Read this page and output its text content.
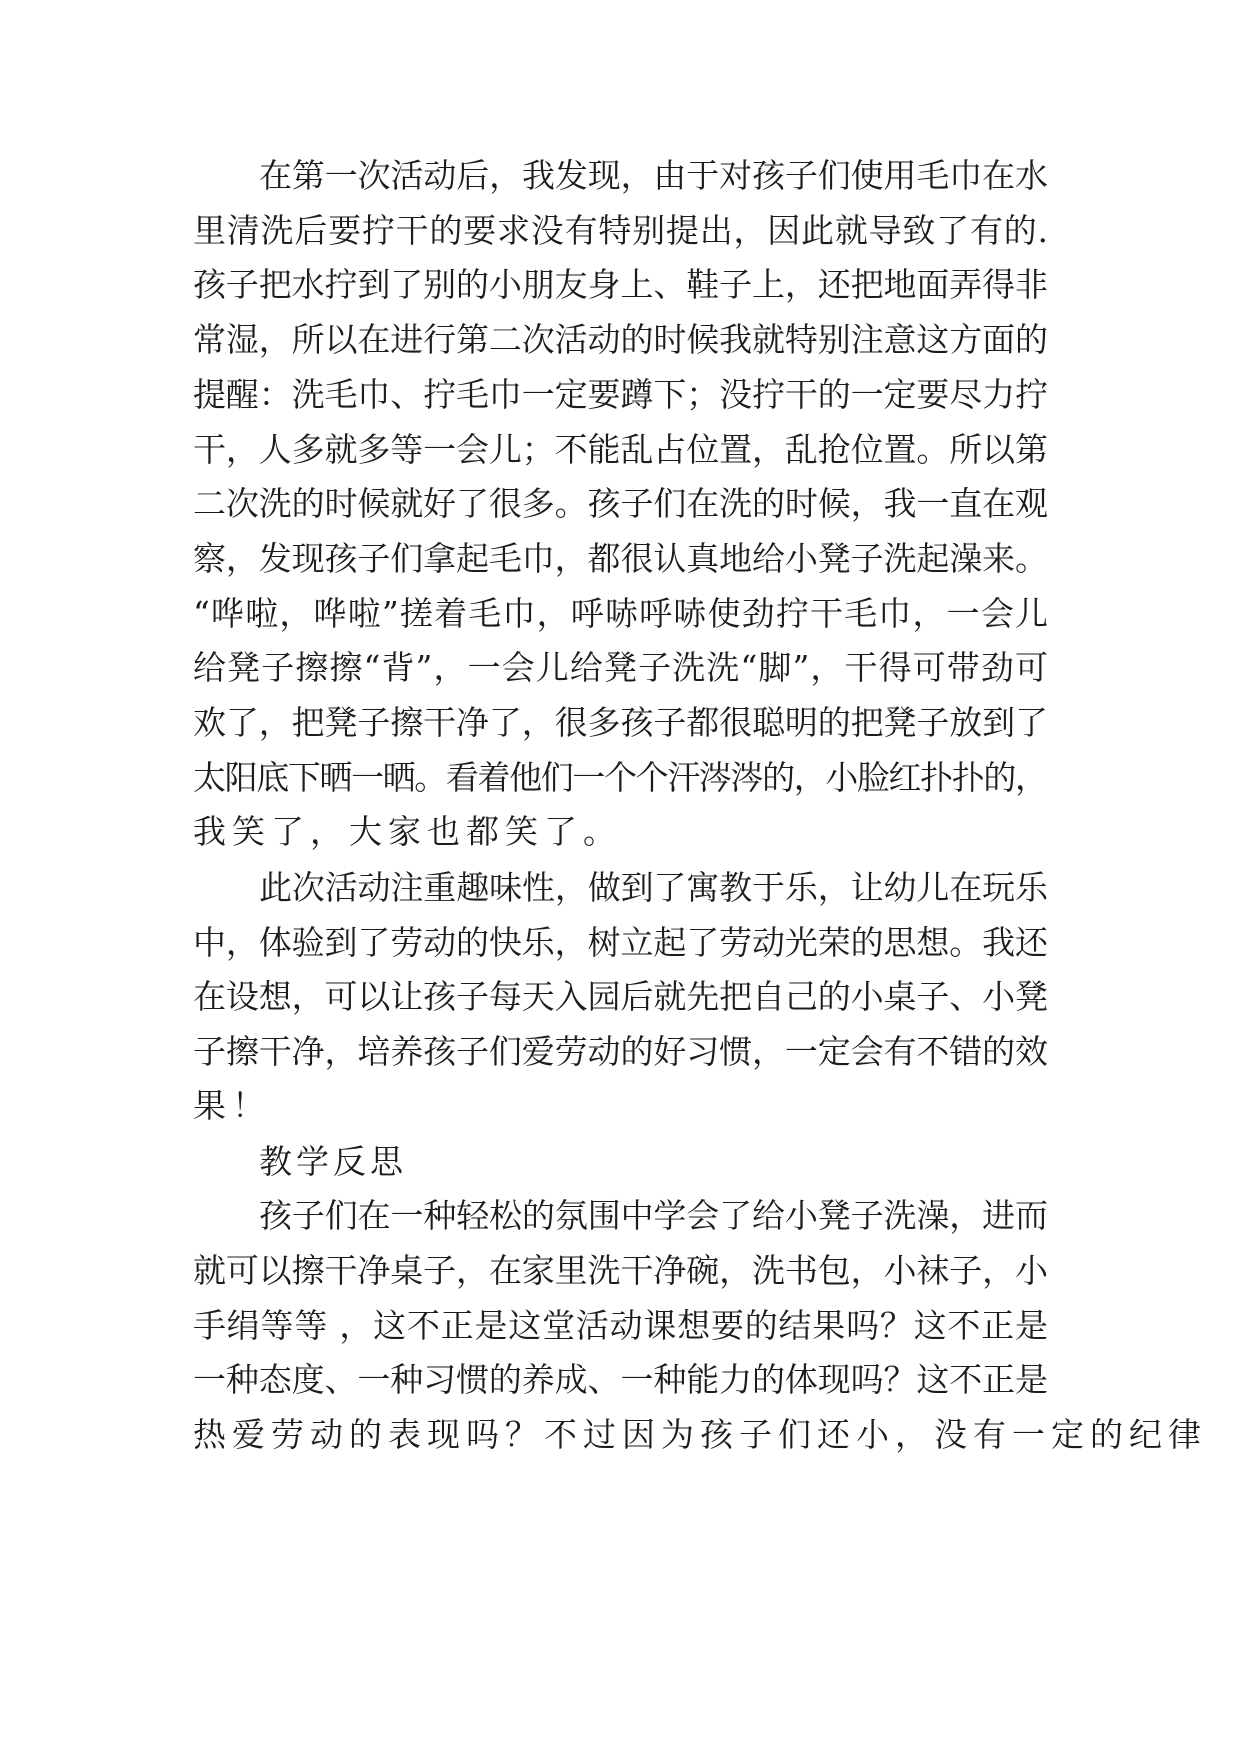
在第一次活动后，我发现，由于对孩子们使用毛巾在水
里清洗后要拧干的要求没有特别提出，因此就导致了有的.
孩子把水拧到了别的小朋友身上、鞋子上，还把地面弄得非
常湿，所以在进行第二次活动的时候我就特别注意这方面的
提醒：洗毛巾、拧毛巾一定要蹲下；没拧干的一定要尽力拧
干，人多就多等一会儿；不能乱占位置，乱抢位置。所以第
二次洗的时候就好了很多。孩子们在洗的时候，我一直在观
察，发现孩子们拿起毛巾，都很认真地给小凳子洗起澡来。
“哗啦，哗啦”搓着毛巾，呼哧呼哧使劲拧干毛巾，一会儿
给凳子擦擦“背”，一会儿给凳子洗洗“脚”，干得可带劲可
欢了，把凳子擦干净了，很多孩子都很聪明的把凳子放到了
太阳底下晒一晒。看着他们一个个汗涔涔的，小脸红扑扑的，
我笑了，大家也都笑了。
此次活动注重趣味性，做到了寓教于乐，让幼儿在玩乐
中，体验到了劳动的快乐，树立起了劳动光荣的思想。我还
在设想，可以让孩子每天入园后就先把自己的小桌子、小凳
子擦干净，培养孩子们爱劳动的好习惯，一定会有不错的效
果！
教学反思
孩子们在一种轻松的氛围中学会了给小凳子洗澡，进而
就可以擦干净桌子，在家里洗干净碗，洗书包，小袜子，小
手绢等等 ，这不正是这堂活动课想要的结果吗？这不正是
一种态度、一种习惯的养成、一种能力的体现吗？这不正是
热爱劳动的表现吗？不过因为孩子们还小，没有一定的纪律
